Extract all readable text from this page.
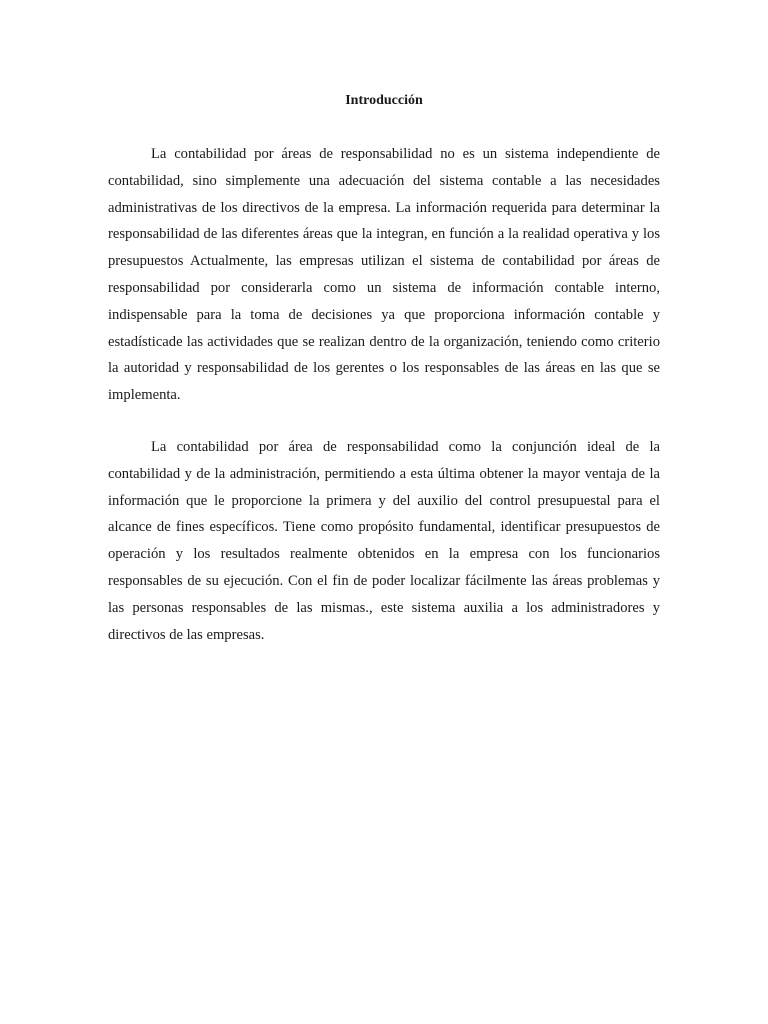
Introducción

La contabilidad por áreas de responsabilidad no es un sistema independiente de contabilidad, sino simplemente una adecuación del sistema contable a las necesidades administrativas de los directivos de la empresa. La información requerida para determinar la responsabilidad de las diferentes áreas que la integran, en función a la realidad operativa y los presupuestos Actualmente, las empresas utilizan el sistema de contabilidad por áreas de responsabilidad por considerarla como un sistema de información contable interno, indispensable para la toma de decisiones ya que proporciona información contable y estadísticade las actividades que se realizan dentro de la organización, teniendo como criterio la autoridad y responsabilidad de los gerentes o los responsables de las áreas en las que se implementa.

La contabilidad por área de responsabilidad como la conjunción ideal de la contabilidad y de la administración, permitiendo a esta última obtener la mayor ventaja de la información que le proporcione la primera y del auxilio del control presupuestal para el alcance de fines específicos. Tiene como propósito fundamental, identificar presupuestos de operación y los resultados realmente obtenidos en la empresa con los funcionarios responsables de su ejecución. Con el fin de poder localizar fácilmente las áreas problemas y las personas responsables de las mismas., este sistema auxilia a los administradores y directivos de las empresas.
